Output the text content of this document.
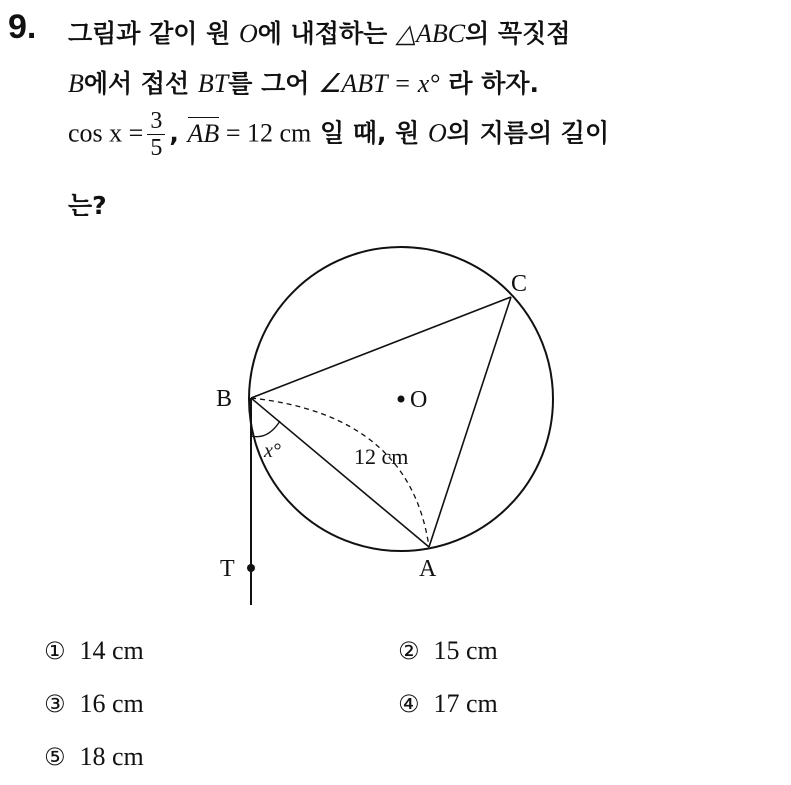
9. 그림과 같이 원 O에 내접하는 △ABC의 꼭짓점
B에서 접선 BT를 그어 ∠ABT = x° 라 하자.
$\cos x = \frac{3}{5}$ , AB = 12 cm 일 때, 원 O의 지름의 길이
는?
B
C
O
A
T
x°	12 cm
① 14 cm	② 15 cm
③ 16 cm	④ 17 cm
⑤ 18 cm
